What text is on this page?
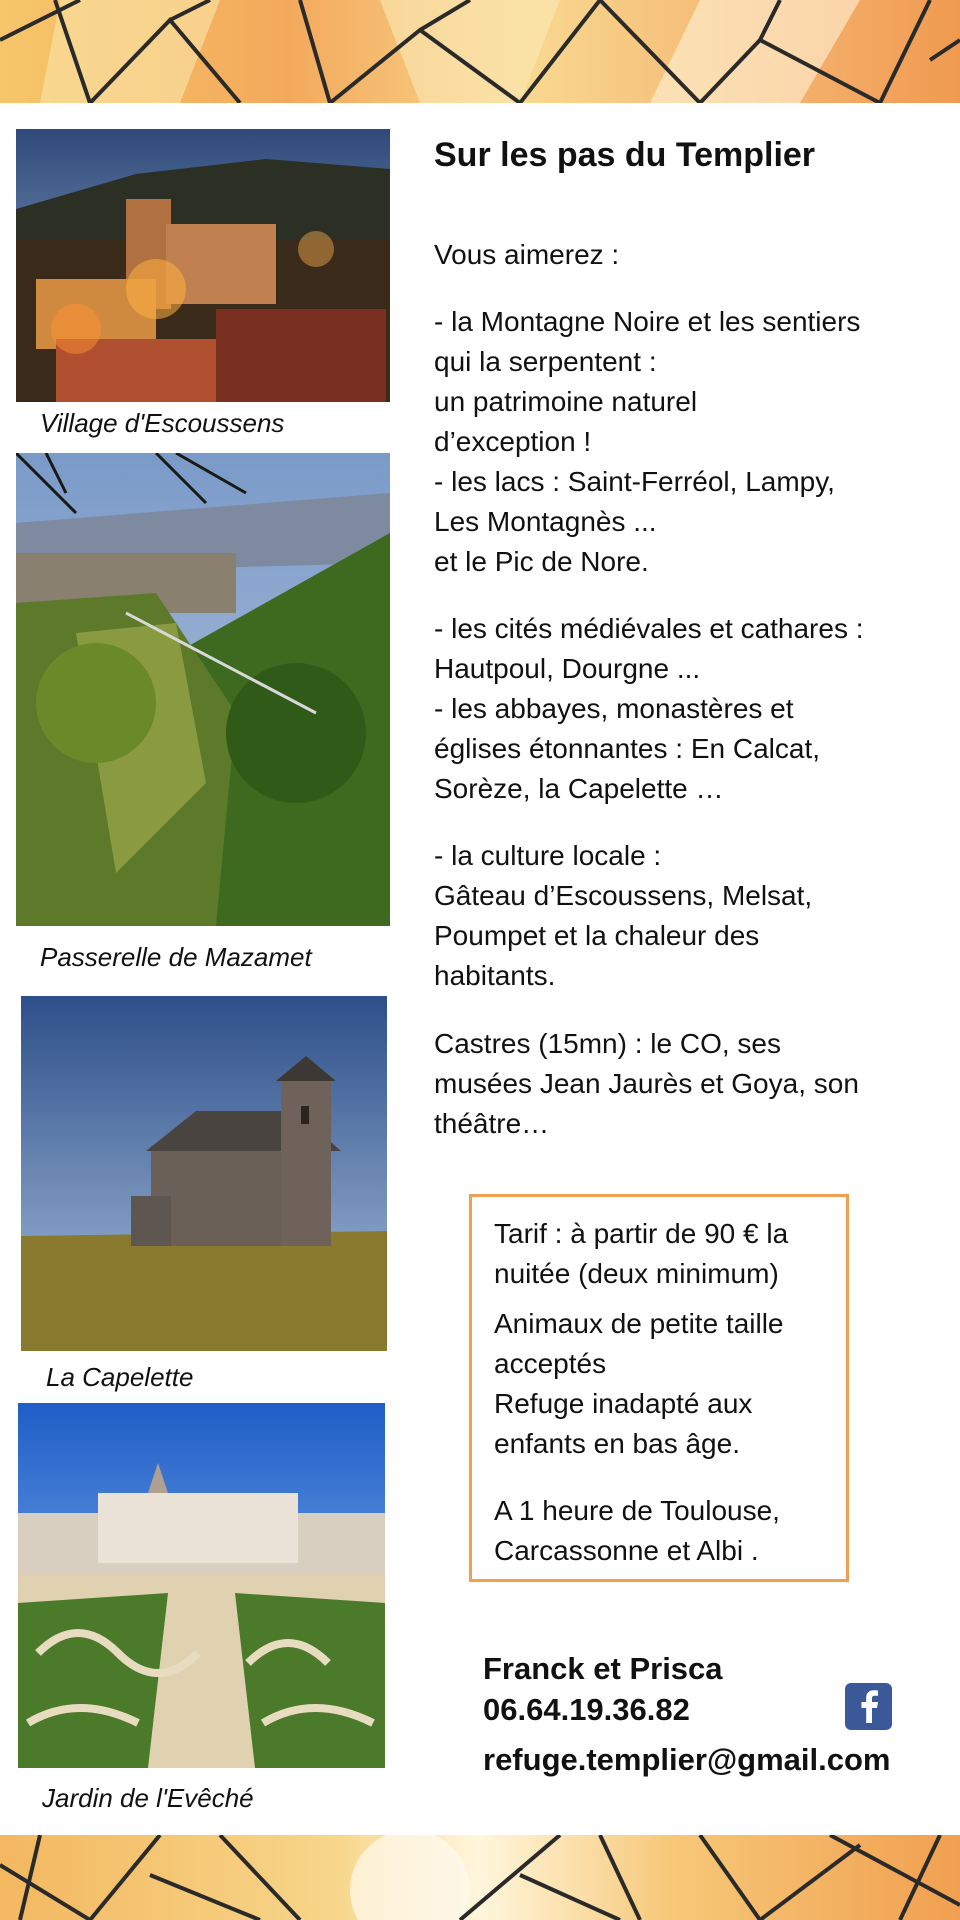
Village d'Escoussens
Passerelle de Mazamet
La Capelette
Jardin de l'Evêché
Sur les pas du Templier
Vous aimerez :
- la Montagne Noire et les sentiers
qui la serpentent :
un patrimoine naturel
d’exception !
- les lacs : Saint-Ferréol, Lampy,
Les Montagnès ...
et le Pic de Nore.
- les cités médiévales et cathares :
Hautpoul, Dourgne ...
- les abbayes, monastères et
églises étonnantes : En Calcat,
Sorèze, la Capelette …
- la culture locale :
Gâteau d’Escoussens, Melsat,
Poumpet et la chaleur des
habitants.
Castres (15mn) : le CO, ses
musées Jean Jaurès et Goya, son
théâtre…
Tarif : à partir de 90 € la
nuitée (deux minimum)
Animaux de petite taille
acceptés
Refuge inadapté aux
enfants en bas âge.
A 1 heure de Toulouse,
Carcassonne et Albi .
Franck et Prisca
06.64.19.36.82
refuge.templier@gmail.com
